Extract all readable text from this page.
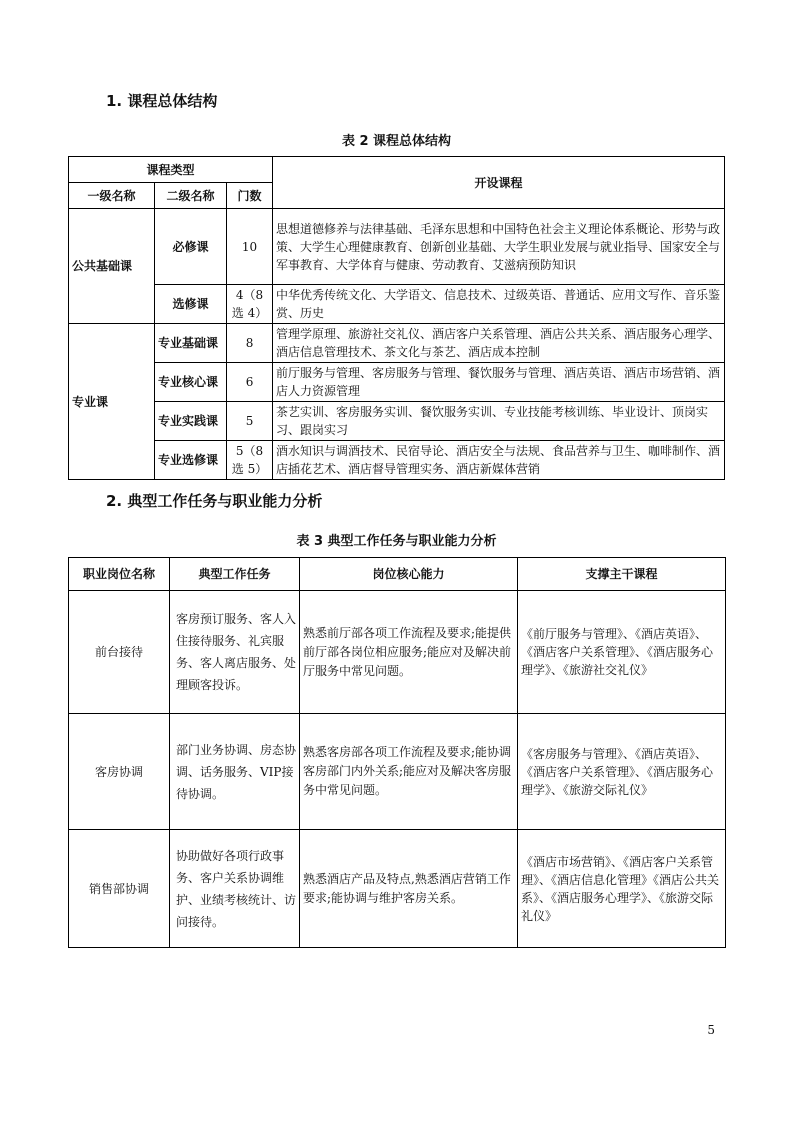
1. 课程总体结构
表 2 课程总体结构
课程类型			开设课程
一级名称	二级名称	门数	
公共基础课	必修课	10	思想道德修养与法律基础、毛泽东思想和中国特色社会主义理论体系概论、形势与政策、大学生心理健康教育、创新创业基础、大学生职业发展与就业指导、国家安全与军事教育、大学体育与健康、劳动教育、艾滋病预防知识
	选修课	4（8选 4）	中华优秀传统文化、大学语文、信息技术、过级英语、普通话、应用文写作、音乐鉴赏、历史
专业课	专业基础课	8	管理学原理、旅游社交礼仪、酒店客户关系管理、酒店公共关系、酒店服务心理学、酒店信息管理技术、茶文化与茶艺、酒店成本控制
	专业核心课	6	前厅服务与管理、客房服务与管理、餐饮服务与管理、酒店英语、酒店市场营销、酒店人力资源管理
	专业实践课	5	茶艺实训、客房服务实训、餐饮服务实训、专业技能考核训练、毕业设计、顶岗实习、跟岗实习
	专业选修课	5（8选 5）	酒水知识与调酒技术、民宿导论、酒店安全与法规、食品营养与卫生、咖啡制作、酒店插花艺术、酒店督导管理实务、酒店新媒体营销
2. 典型工作任务与职业能力分析
表 3 典型工作任务与职业能力分析
职业岗位名称	典型工作任务	岗位核心能力	支撑主干课程
前台接待	客房预订服务、客人入住接待服务、礼宾服务、客人离店服务、处理顾客投诉。	熟悉前厅部各项工作流程及要求;能提供前厅部各岗位相应服务;能应对及解决前厅服务中常见问题。	《前厅服务与管理》、《酒店英语》、《酒店客户关系管理》、《酒店服务心理学》、《旅游社交礼仪》
客房协调	部门业务协调、房态协调、话务服务、VIP接待协调。	熟悉客房部各项工作流程及要求;能协调客房部门内外关系;能应对及解决客房服务中常见问题。	《客房服务与管理》、《酒店英语》、《酒店客户关系管理》、《酒店服务心理学》、《旅游交际礼仪》
销售部协调	协助做好各项行政事务、客户关系协调维护、业绩考核统计、访问接待。	熟悉酒店产品及特点,熟悉酒店营销工作要求;能协调与维护客房关系。	《酒店市场营销》、《酒店客户关系管理》、《酒店信息化管理》《酒店公共关系》、《酒店服务心理学》、《旅游交际礼仪》
5
